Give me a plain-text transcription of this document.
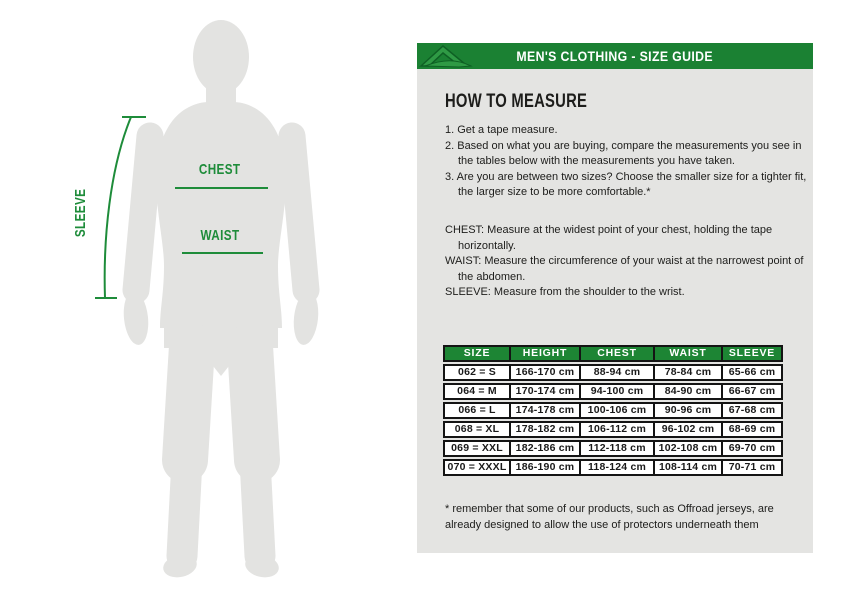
CHEST
WAIST
SLEEVE
MEN'S CLOTHING - SIZE GUIDE
HOW TO MEASURE
1. Get a tape measure.
2. Based on what you are buying, compare the measurements you see in the tables below with the measurements you have taken.
3. Are you are between two sizes? Choose the smaller size for a tighter fit, the larger size to be more comfortable.*
CHEST: Measure at the widest point of your chest, holding the tape horizontally.
WAIST: Measure the circumference of your waist at the narrowest point of the abdomen.
SLEEVE: Measure from the shoulder to the wrist.
SIZE	HEIGHT	CHEST	WAIST	SLEEVE
062 = S	166-170 cm	88-94 cm	78-84 cm	65-66 cm
064 = M	170-174 cm	94-100 cm	84-90 cm	66-67 cm
066 = L	174-178 cm	100-106 cm	90-96 cm	67-68 cm
068 = XL	178-182 cm	106-112 cm	96-102 cm	68-69 cm
069 = XXL	182-186 cm	112-118 cm	102-108 cm	69-70 cm
070 = XXXL	186-190 cm	118-124 cm	108-114 cm	70-71 cm
* remember that some of our products, such as Offroad jerseys, are already designed to allow the use of protectors underneath them
